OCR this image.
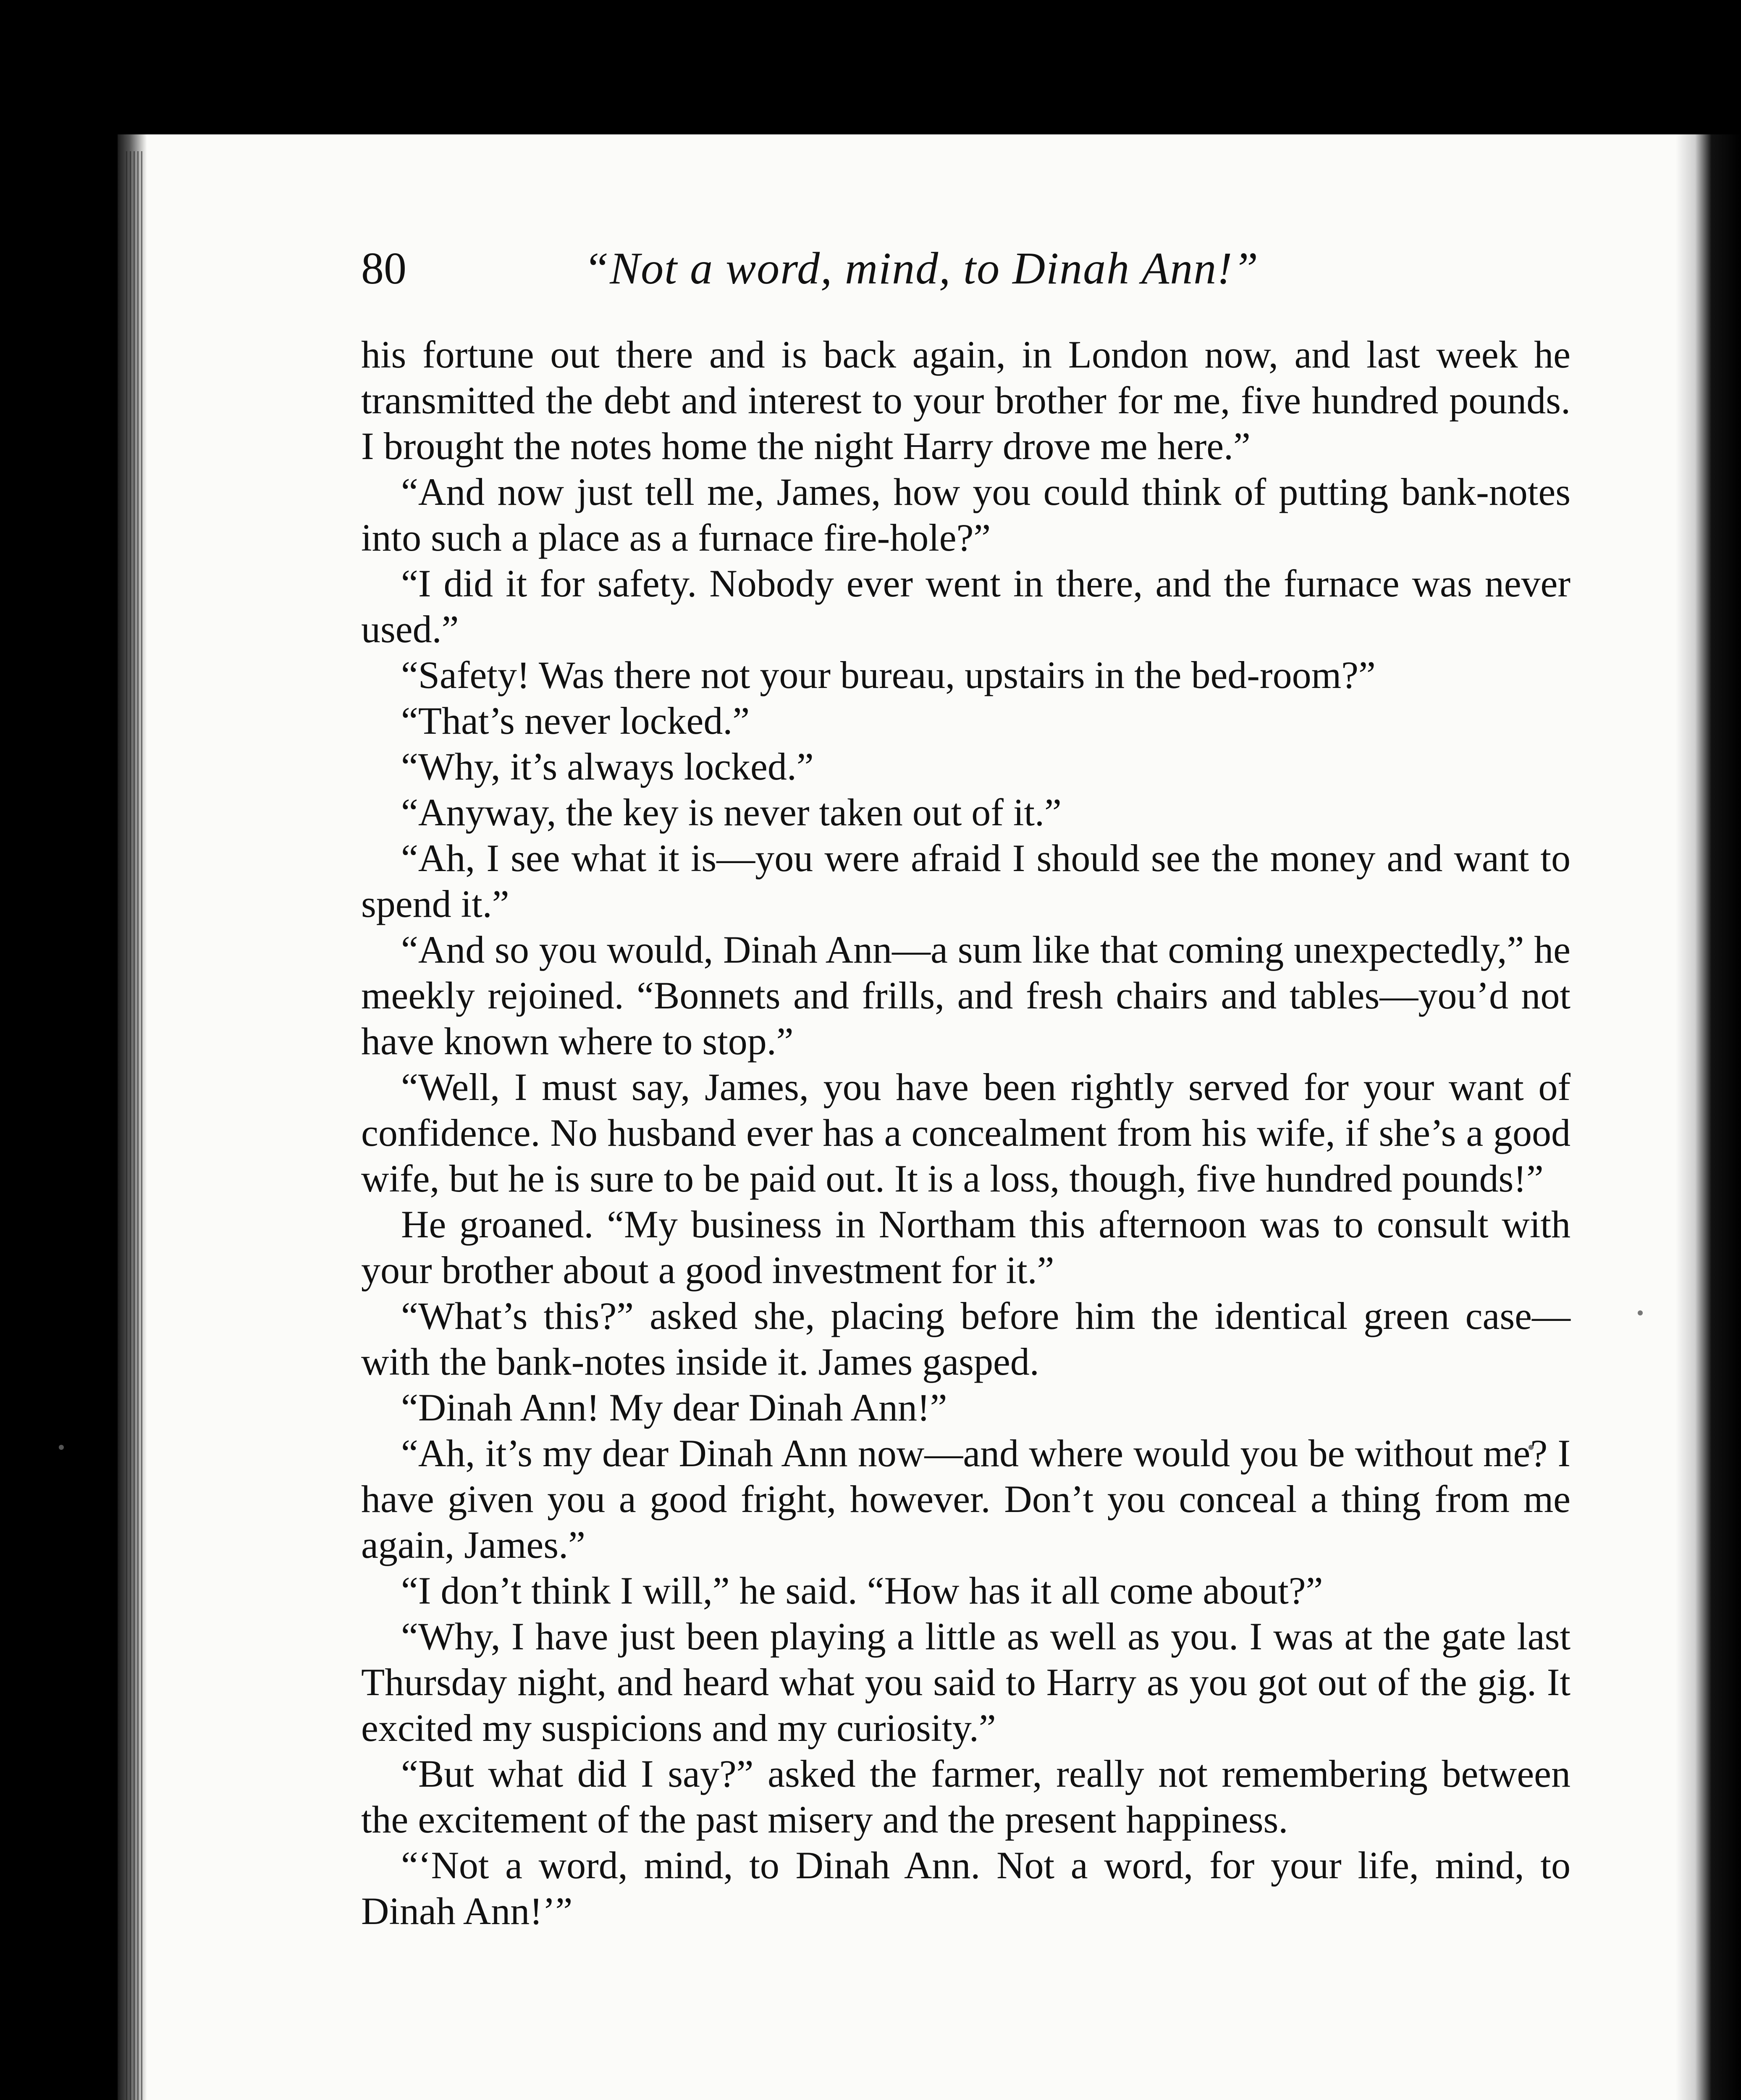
80	“Not a word, mind, to Dinah Ann!”

his fortune out there and is back again, in London now, and last week he transmitted the debt and interest to your brother for me, five hundred pounds. I brought the notes home the night Harry drove me here.”

“And now just tell me, James, how you could think of putting bank-notes into such a place as a furnace fire-hole?”

“I did it for safety. Nobody ever went in there, and the furnace was never used.”

“Safety! Was there not your bureau, upstairs in the bed-room?”

“That’s never locked.”

“Why, it’s always locked.”

“Anyway, the key is never taken out of it.”

“Ah, I see what it is—you were afraid I should see the money and want to spend it.”

“And so you would, Dinah Ann—a sum like that coming unexpectedly,” he meekly rejoined. “Bonnets and frills, and fresh chairs and tables—you’d not have known where to stop.”

“Well, I must say, James, you have been rightly served for your want of confidence. No husband ever has a concealment from his wife, if she’s a good wife, but he is sure to be paid out. It is a loss, though, five hundred pounds!”

He groaned. “My business in Northam this afternoon was to consult with your brother about a good investment for it.”

“What’s this?” asked she, placing before him the identical green case—with the bank-notes inside it. James gasped.

“Dinah Ann! My dear Dinah Ann!”

“Ah, it’s my dear Dinah Ann now—and where would you be without me? I have given you a good fright, however. Don’t you conceal a thing from me again, James.”

“I don’t think I will,” he said. “How has it all come about?”

“Why, I have just been playing a little as well as you. I was at the gate last Thursday night, and heard what you said to Harry as you got out of the gig. It excited my suspicions and my curiosity.”

“But what did I say?” asked the farmer, really not remembering between the excitement of the past misery and the present happiness.

“‘Not a word, mind, to Dinah Ann. Not a word, for your life, mind, to Dinah Ann!’”
